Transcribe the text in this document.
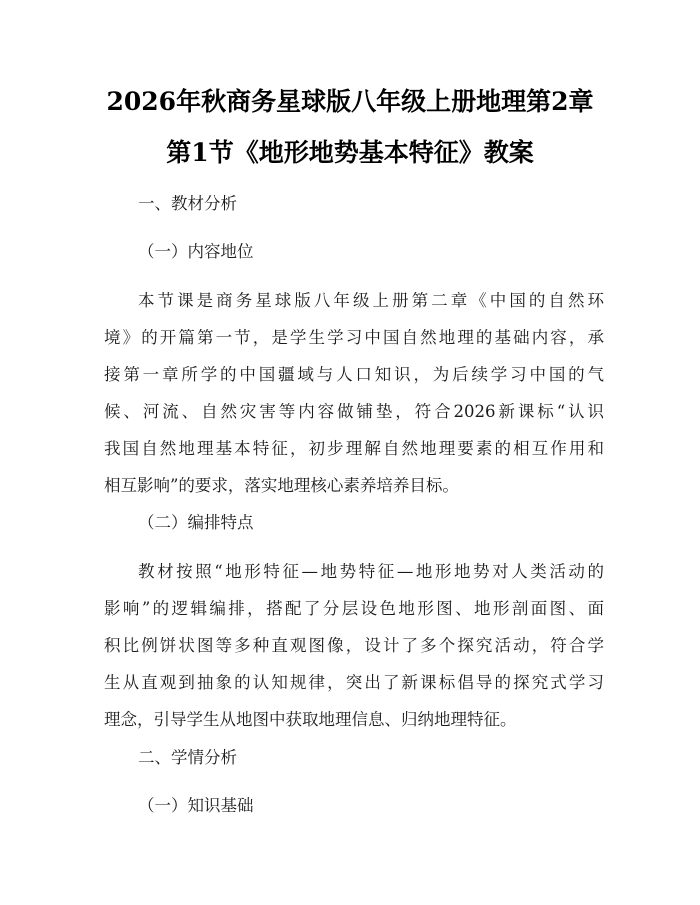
2026年秋商务星球版八年级上册地理第2章
第1节《地形地势基本特征》教案
一、教材分析
（一）内容地位
本节课是商务星球版八年级上册第二章《中国的自然环
境》的开篇第一节，是学生学习中国自然地理的基础内容，承
接第一章所学的中国疆域与人口知识，为后续学习中国的气
候、河流、自然灾害等内容做铺垫，符合2026新课标“认识
我国自然地理基本特征，初步理解自然地理要素的相互作用和
相互影响”的要求，落实地理核心素养培养目标。
（二）编排特点
教材按照“地形特征—地势特征—地形地势对人类活动的
影响”的逻辑编排，搭配了分层设色地形图、地形剖面图、面
积比例饼状图等多种直观图像，设计了多个探究活动，符合学
生从直观到抽象的认知规律，突出了新课标倡导的探究式学习
理念，引导学生从地图中获取地理信息、归纳地理特征。
二、学情分析
（一）知识基础
